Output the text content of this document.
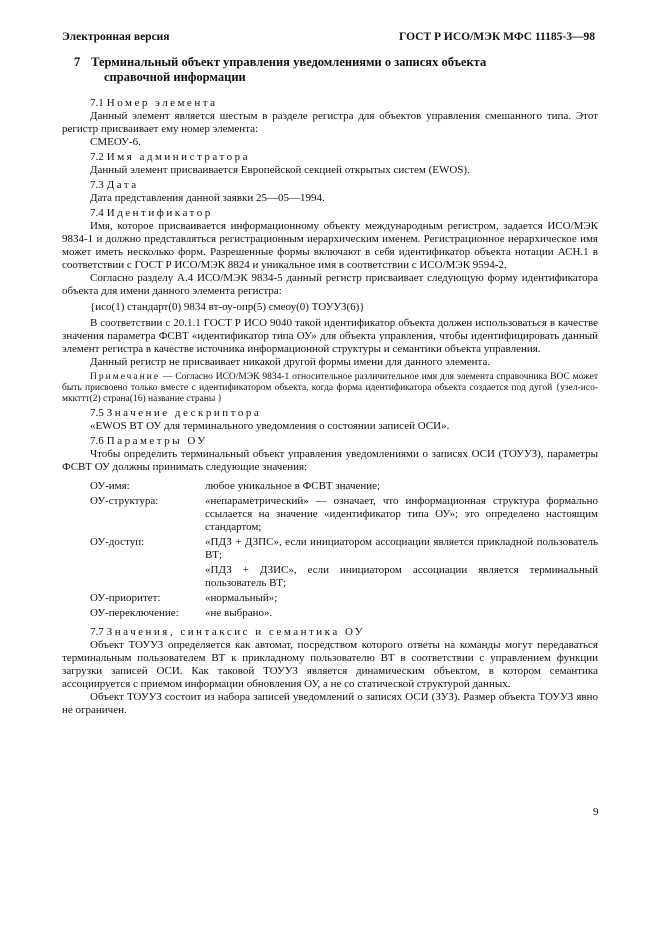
Электронная версия	ГОСТ Р ИСО/МЭК МФС 11185-3—98
7 Терминальный объект управления уведомлениями о записях объекта
справочной информации
7.1 Номер элемента

Данный элемент является шестым в разделе регистра для объектов управления смешанного типа. Этот регистр присваивает ему номер элемента:

СМЕОУ-6.

7.2 Имя администратора

Данный элемент присваивается Европейской секцией открытых систем (EWOS).

7.3 Дата

Дата представления данной заявки 25—05—1994.

7.4 Идентификатор

Имя, которое присваивается информационному объекту международным регистром, задается ИСО/МЭК 9834-1 и должно представляться регистрационным иерархическим именем. Регистрационное иерархическое имя может иметь несколько форм. Разрешенные формы включают в себя идентификатор объекта нотации АСН.1 в соответствии с ГОСТ Р ИСО/МЭК 8824 и уникальное имя в соответствии с ИСО/МЭК 9594-2.

Согласно разделу А.4 ИСО/МЭК 9834-5 данный регистр присваивает следующую форму идентификатора объекта для имени данного элемента регистра:

{исо(1) стандарт(0) 9834 вт-оу-опр(5) смеоу(0) ТОУУЗ(6)}

В соответствии с 20.1.1 ГОСТ Р ИСО 9040 такой идентификатор объекта должен использоваться в качестве значения параметра ФСВТ «идентификатор типа ОУ» для объекта управления, чтобы идентифицировать данный элемент регистра в качестве источника информационной структуры и семантики объекта управления.

Данный регистр не присваивает никакой другой формы имени для данного элемента.

Примечание — Согласно ИСО/МЭК 9834-1 относительное различительное имя для элемента справочника ВОС может быть присвоено только вместе с идентификатором объекта, когда форма идентификатора объекта создается под дугой {узел-исо-мккттт(2) страна(16) название страны }

7.5 Значение дескриптора

«EWOS ВТ ОУ для терминального уведомления о состоянии записей ОСИ».

7.6 Параметры ОУ

Чтобы определить терминальный объект управления уведомлениями о записях ОСИ (ТОУУЗ), параметры ФСВТ ОУ должны принимать следующие значения:

ОУ-имя:	любое уникальное в ФСВТ значение;
ОУ-структура:	«непараметрический» — означает, что информационная структура формально ссылается на значение «идентификатор типа ОУ»; это определено настоящим стандартом;
ОУ-доступ:	«ПДЗ + ДЗПС», если инициатором ассоциации является прикладной пользователь ВТ;
	«ПДЗ + ДЗИС», если инициатором ассоциации является терминальный пользователь ВТ;
ОУ-приоритет:	«нормальный»;
ОУ-переключение:	«не выбрано».
7.7 Значения, синтаксис и семантика ОУ

Объект ТОУУЗ определяется как автомат, посредством которого ответы на команды могут передаваться терминальным пользователем ВТ к прикладному пользователю ВТ в соответствии с управлением функции загрузки записей ОСИ. Как таковой ТОУУЗ является динамическим объектом, в котором семантика ассоциируется с приемом информации обновления ОУ, а не со статической структурой данных.

Объект ТОУУЗ состоит из набора записей уведомлений о записях ОСИ (ЗУЗ). Размер объекта ТОУУЗ явно не ограничен.

9
